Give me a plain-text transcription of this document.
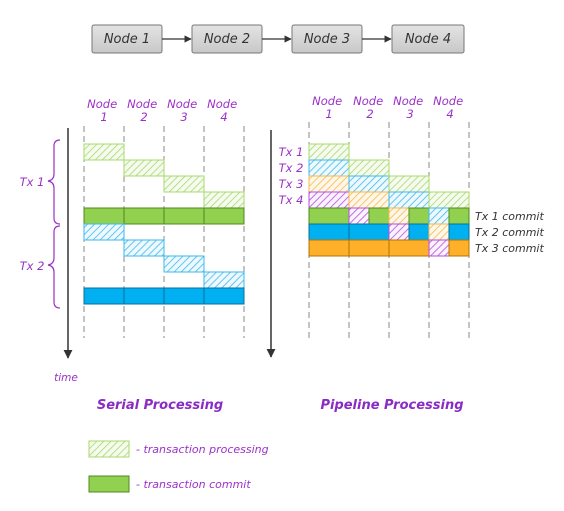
Node 1	Node 2	Node 3	Node 4
Node 1
Node 2
Node 3
Node 4
Tx 1
Tx 2
time
Serial Processing
Node 1
Node 2
Node 3
Node 4
Tx 1
Tx 2
Tx 3
Tx 4
Tx 1 commit
Tx 2 commit
Tx 3 commit
Pipeline Processing
- transaction processing
- transaction commit
